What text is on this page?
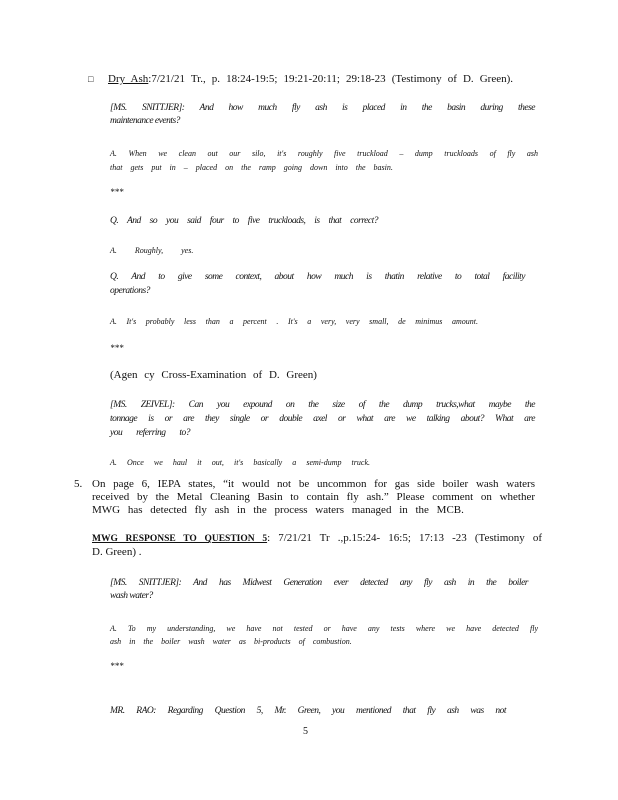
□ Dry Ash:7/21/21 Tr., p. 18:24-19:5; 19:21-20:11; 29:18-23 (Testimony of D. Green).
[MS. SNITTJER]: And how much fly ash is placed in the basin during these
maintenance events?
A. When we clean out our silo, it's roughly five truckload – dump truckloads of fly ash
that gets put in – placed on the ramp going down into the basin.
***
Q. And so you said four to five truckloads, is that correct?
A. Roughly, yes.
Q. And to give some context, about how much is thatin relative to total facility
operations?
A. It's probably less than a percent . It's a very, very small, de minimus amount.
***
(Agen cy Cross-Examination of D. Green)
[MS. ZEIVEL]: Can you expound on the size of the dump trucks,what maybe the
tonnage is or are they single or double axel or what are we talking about? What are
you referring to?
A. Once we haul it out, it's basically a semi-dump truck.
5. On page 6, IEPA states, “it would not be uncommon for gas side boiler wash waters
received by the Metal Cleaning Basin to contain fly ash.” Please comment on whether
MWG has detected fly ash in the process waters managed in the MCB.
MWG RESPONSE TO QUESTION 5: 7/21/21 Tr .,p.15:24- 16:5; 17:13 -23 (Testimony of
D. Green) .
[MS. SNITTJER]: And has Midwest Generation ever detected any fly ash in the boiler
wash water?
A. To my understanding, we have not tested or have any tests where we have detected fly
ash in the boiler wash water as bi-products of combustion.
***
MR. RAO: Regarding Question 5, Mr. Green, you mentioned that fly ash was not
5
